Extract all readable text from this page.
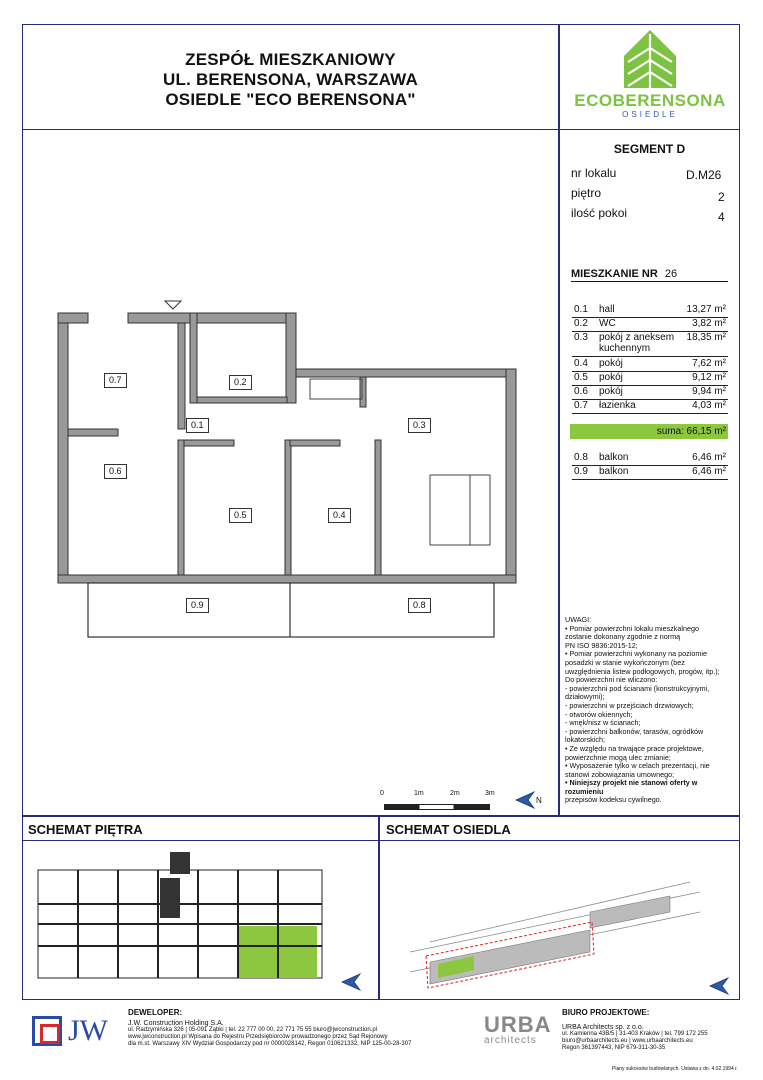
ZESPÓŁ MIESZKANIOWY
UL. BERENSONA, WARSZAWA
OSIEDLE "ECO BERENSONA"	ECOBERENSONA
OSIEDLE
SEGMENT D
nr lokalu	D.M26
piętro	2
ilość pokoi	4
MIESZKANIE NR 26
0.1 hall	13,27 m²
0.2 WC	3,82 m²
0.3 pokój z aneksem
kuchennym
18,35 m²
0.4 pokój	7,62 m²
0.5 pokój	9,12 m²
0.6 pokój	9,94 m²
0.7 łazienka	4,03 m²
suma: 66,15 m²
0.8 balkon	6,46 m²
0.9 balkon	6,46 m²
UWAGI:
• Pomiar powierzchni lokalu mieszkalnego
zostanie dokonany zgodnie z normą
PN ISO 9836:2015-12;
• Pomiar powierzchni wykonany na poziomie
posadzki w stanie wykończonym (bez
uwzględnienia listew podłogowych, progów, itp.);
Do powierzchni nie wliczono:
- powierzchni pod ścianami (konstrukcyjnymi,
działowymi);
- powierzchni w przejściach drzwiowych;
- otworów okiennych;
- wnęk/nisz w ścianach;
- powierzchni balkonów, tarasów, ogródków
lokatorskich;
• Ze względu na trwające prace projektowe,
powierzchnie mogą ulec zmianie;
• Wyposażenie tylko w celach prezentacji, nie
stanowi zobowiązania umownego;
• Niniejszy projekt nie stanowi oferty w rozumieniu
przepisów kodeksu cywilnego.
0.7	0.2
0.1	0.3
0.6
0.5	0.4
0.9	0.8
0	1m	2m	3m
N
SCHEMAT PIĘTRA	SCHEMAT OSIEDLA
DEWELOPER:
JW	J.W. Construction Holding S.A.
ul. Radzymińska 326 | 05-091 Ząbki | tel. 22 777 00 00, 22 771 75 55 biuro@jwconstruction.pl
www.jwconstruction.pl Wpisana do Rejestru Przedsiębiorców prowadzonego przez Sąd Rejonowy
dla m.st. Warszawy XIV Wydział Gospodarczy pod nr 0000028142, Regon 010621332, NIP 125-00-28-307
URBA
architects
BIURO PROJEKTOWE:
URBA Architects sp. z o.o.
ul. Kamienna 43B/5 | 31-403 Kraków | tel. 799 172 255
biuro@urbaarchitects.eu | www.urbaarchitects.eu
Regon 361397443, NIP 679-311-30-35
Plany sukcesów budowlanych. Ustawa z dn. 4.02.1994 r.
